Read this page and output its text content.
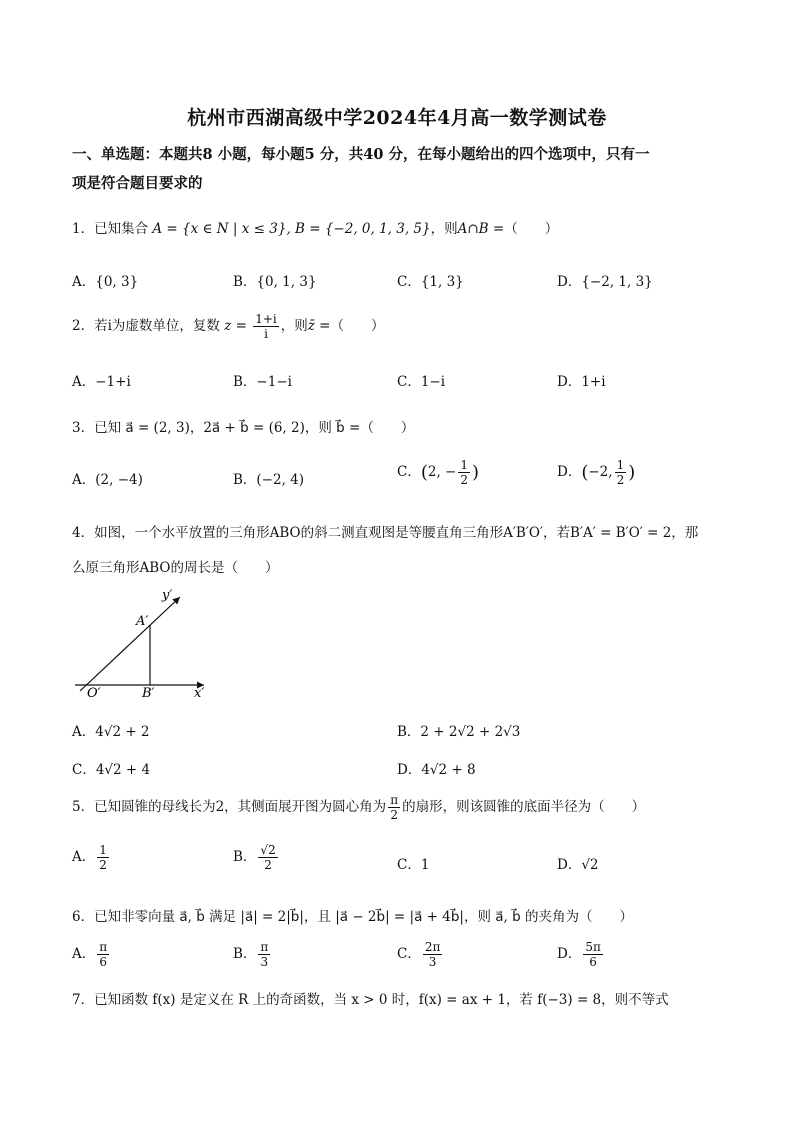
杭州市西湖高级中学2024年4月高一数学测试卷
一、单选题：本题共8 小题，每小题5 分，共40 分，在每小题给出的四个选项中，只有一
项是符合题目要求的
1．已知集合 A = {x ∈ N | x ≤ 3}, B = {−2, 0, 1, 3, 5}，则A∩B =（　　）
A．{0, 3}	B．{0, 1, 3}	C．{1, 3}	D．{−2, 1, 3}
2．若i为虚数单位，复数 $z = \frac{1+i}{i}$ ，则z̄ =（　　）
A．−1+i	B．−1−i	C．1−i	D．1+i
3．已知 a⃗ = (2, 3)，2a⃗ + b⃗ = (6, 2)，则 b⃗ =（　　）
A．(2, −4)	B．(−2, 4)	C．(2, − $\frac{1}{2}$ )	D．(−2, $\frac{1}{2}$ )
4．如图，一个水平放置的三角形ABO的斜二测直观图是等腰直角三角形A′B′O′，若B′A′ = B′O′ = 2，那
么原三角形ABO的周长是（　　）
y′
A′
O′	B′	x′
A．4√2 + 2	B．2 + 2√2 + 2√3
C．4√2 + 4	D．4√2 + 8
5．已知圆锥的母线长为2，其侧面展开图为圆心角为 $\frac{\pi}{2}$ 的扇形，则该圆锥的底面半径为（　　）
A． $\frac{1}{2}$	B． $\frac{√2}{2}$	C．1	D．√2
6．已知非零向量 a⃗, b⃗ 满足 |a⃗| = 2|b⃗|，且 |a⃗ − 2b⃗| = |a⃗ + 4b⃗|，则 a⃗, b⃗ 的夹角为（　　）
A． $\frac{\pi}{6}$	B． $\frac{\pi}{3}$	C． $\frac{2\pi}{3}$	D． $\frac{5\pi}{6}$
7．已知函数 f(x) 是定义在 R 上的奇函数，当 x > 0 时，f(x) = ax + 1，若 f(−3) = 8，则不等式
